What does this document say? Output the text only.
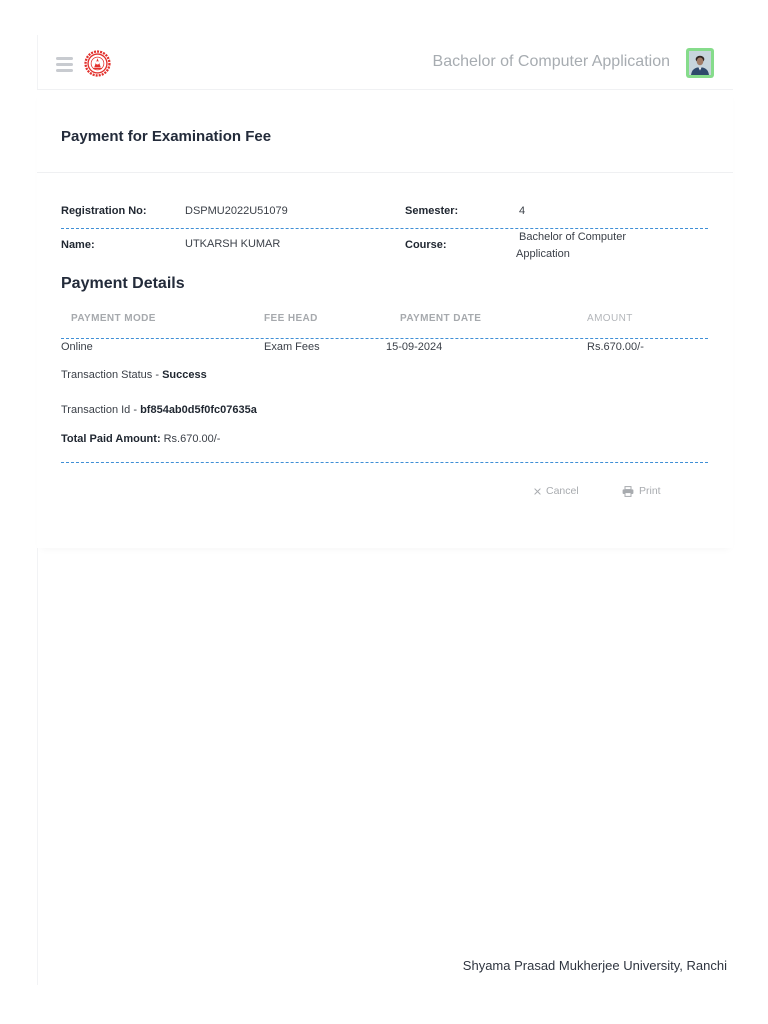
Bachelor of Computer Application
Payment for Examination Fee
Registration No:	DSPMU2022U51079	Semester:	4
Name:	UTKARSH KUMAR	Course:
Bachelor of Computer Application
Payment Details
PAYMENT MODE	FEE HEAD	PAYMENT DATE	AMOUNT
Online	Exam Fees	15-09-2024	Rs.670.00/-
Transaction Status - Success
Transaction Id - bf854ab0d5f0fc07635a
Total Paid Amount: Rs.670.00/-
Cancel	Print
Shyama Prasad Mukherjee University, Ranchi
